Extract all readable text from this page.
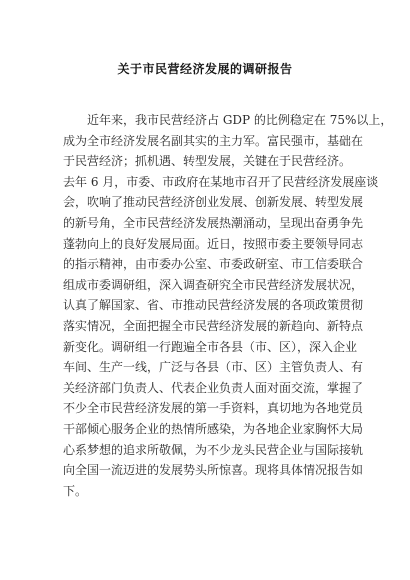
关于市民营经济发展的调研报告
近年来，我市民营经济占 GDP 的比例稳定在 75%以上，
成为全市经济发展名副其实的主力军。富民强市，基础在
于民营经济；抓机遇、转型发展，关键在于民营经济。
去年 6 月，市委、市政府在某地市召开了民营经济发展座谈
会，吹响了推动民营经济创业发展、创新发展、转型发展
的新号角，全市民营经济发展热潮涌动，呈现出奋勇争先
蓬勃向上的良好发展局面。近日，按照市委主要领导同志
的指示精神，由市委办公室、市委政研室、市工信委联合
组成市委调研组，深入调查研究全市民营经济发展状况，
认真了解国家、省、市推动民营经济发展的各项政策贯彻
落实情况，全面把握全市民营经济发展的新趋向、新特点
新变化。调研组一行跑遍全市各县（市、区），深入企业
车间、生产一线，广泛与各县（市、区）主管负责人、有
关经济部门负责人、代表企业负责人面对面交流，掌握了
不少全市民营经济发展的第一手资料，真切地为各地党员
干部倾心服务企业的热情所感染，为各地企业家胸怀大局
心系梦想的追求所敬佩，为不少龙头民营企业与国际接轨
向全国一流迈进的发展势头所惊喜。现将具体情况报告如
下。
